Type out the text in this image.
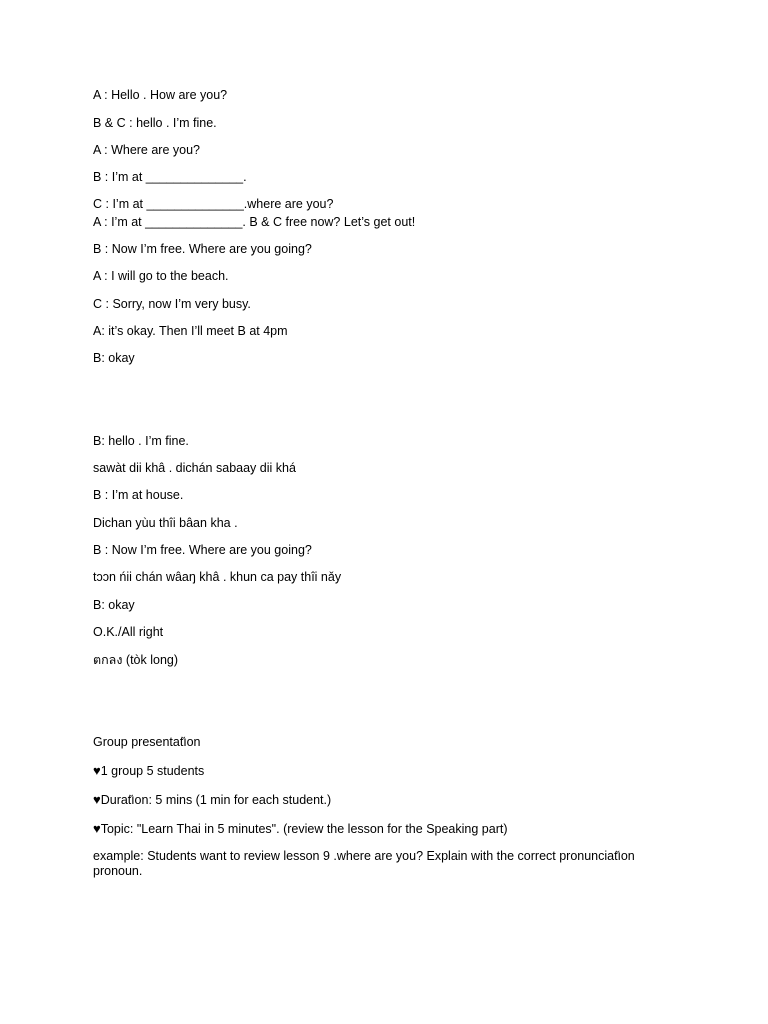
A : Hello . How are you?
B & C : hello . I’m fine.
A : Where are you?
B : I’m at ______________.
C : I’m at ______________.where are you?
A : I’m at ______________. B & C free now? Let’s get out!
B : Now I’m free. Where are you going?
A : I will go to the beach.
C : Sorry, now I’m very busy.
A: it’s okay. Then I’ll meet B at 4pm
B: okay
B: hello . I’m fine.
sawàt dii khâ . dichán sabaay dii khá
B : I’m at house.
Dichan yùu thîi bâan kha .
B : Now I’m free. Where are you going?
tɔɔn ńii chán wâaŋ khâ . khun ca pay thîi nǎy
B: okay
O.K./All right
ตกลง (tòk long)
Group presentatו̆on
♥1 group 5 students
♥Duratו̆on: 5 mins (1 min for each student.)
♥Topic: "Learn Thai in 5 minutes". (review the lesson for the Speaking part)
example: Students want to review lesson 9 .where are you? Explain with the correct pronunciatו̆on pronoun.
